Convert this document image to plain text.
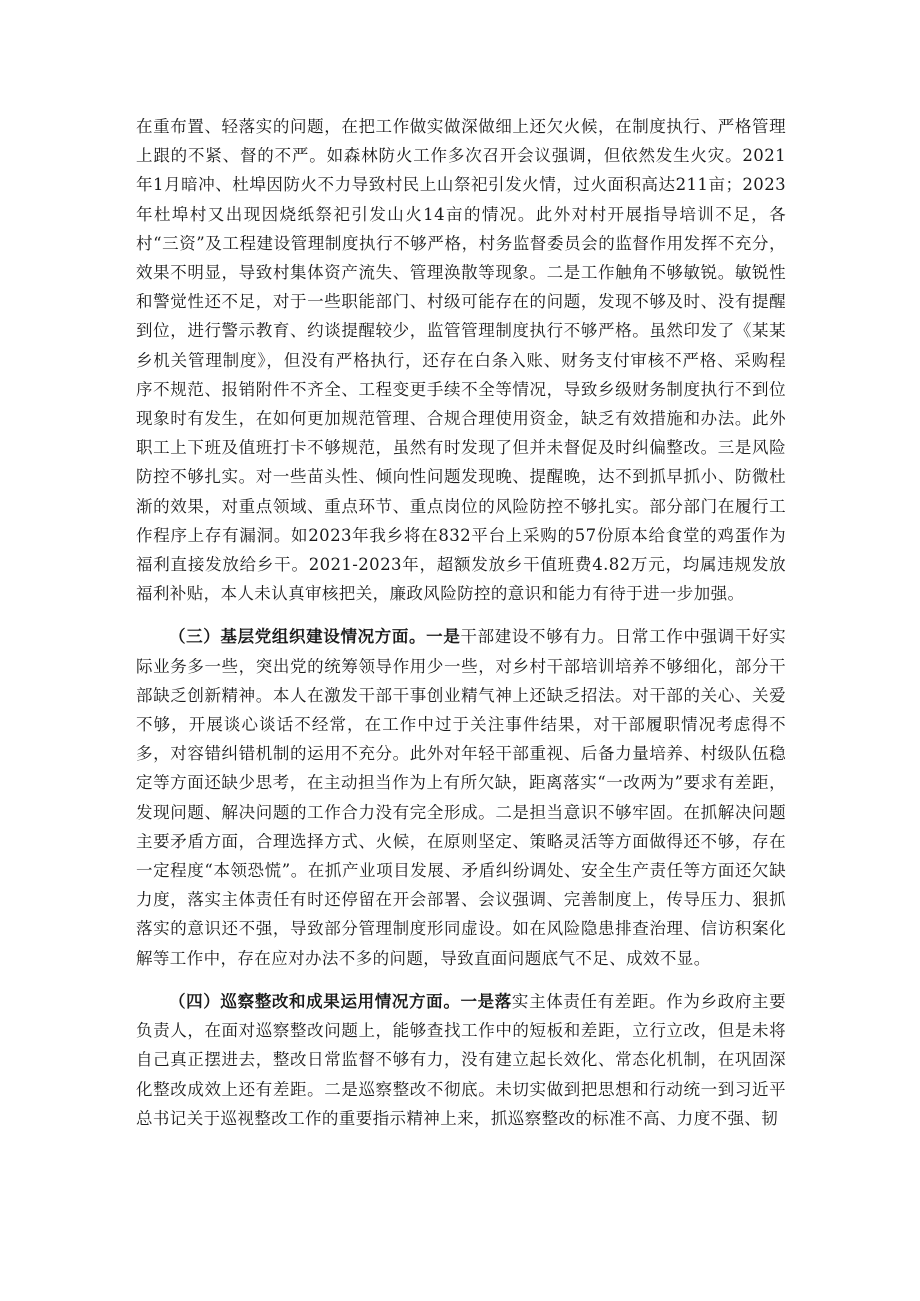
在重布置、轻落实的问题，在把工作做实做深做细上还欠火候，在制度执行、严格管理上跟的不紧、督的不严。如森林防火工作多次召开会议强调，但依然发生火灾。2021年1月暗冲、杜埠因防火不力导致村民上山祭祀引发火情，过火面积高达211亩；2023年杜埠村又出现因烧纸祭祀引发山火14亩的情况。此外对村开展指导培训不足，各村“三资”及工程建设管理制度执行不够严格，村务监督委员会的监督作用发挥不充分，效果不明显，导致村集体资产流失、管理涣散等现象。二是工作触角不够敏锐。敏锐性和警觉性还不足，对于一些职能部门、村级可能存在的问题，发现不够及时、没有提醒到位，进行警示教育、约谈提醒较少，监管管理制度执行不够严格。虽然印发了《某某乡机关管理制度》，但没有严格执行，还存在白条入账、财务支付审核不严格、采购程序不规范、报销附件不齐全、工程变更手续不全等情况，导致乡级财务制度执行不到位现象时有发生，在如何更加规范管理、合规合理使用资金，缺乏有效措施和办法。此外职工上下班及值班打卡不够规范，虽然有时发现了但并未督促及时纠偏整改。三是风险防控不够扎实。对一些苗头性、倾向性问题发现晚、提醒晚，达不到抓早抓小、防微杜渐的效果，对重点领域、重点环节、重点岗位的风险防控不够扎实。部分部门在履行工作程序上存有漏洞。如2023年我乡将在832平台上采购的57份原本给食堂的鸡蛋作为福利直接发放给乡干。2021-2023年，超额发放乡干值班费4.82万元，均属违规发放福利补贴，本人未认真审核把关，廉政风险防控的意识和能力有待于进一步加强。

（三）基层党组织建设情况方面。一是干部建设不够有力。日常工作中强调干好实际业务多一些，突出党的统筹领导作用少一些，对乡村干部培训培养不够细化，部分干部缺乏创新精神。本人在激发干部干事创业精气神上还缺乏招法。对干部的关心、关爱不够，开展谈心谈话不经常，在工作中过于关注事件结果，对干部履职情况考虑得不多，对容错纠错机制的运用不充分。此外对年轻干部重视、后备力量培养、村级队伍稳定等方面还缺少思考，在主动担当作为上有所欠缺，距离落实“一改两为”要求有差距，发现问题、解决问题的工作合力没有完全形成。二是担当意识不够牢固。在抓解决问题主要矛盾方面，合理选择方式、火候，在原则坚定、策略灵活等方面做得还不够，存在一定程度“本领恐慌”。在抓产业项目发展、矛盾纠纷调处、安全生产责任等方面还欠缺力度，落实主体责任有时还停留在开会部署、会议强调、完善制度上，传导压力、狠抓落实的意识还不强，导致部分管理制度形同虚设。如在风险隐患排查治理、信访积案化解等工作中，存在应对办法不多的问题，导致直面问题底气不足、成效不显。

（四）巡察整改和成果运用情况方面。一是落实主体责任有差距。作为乡政府主要负责人，在面对巡察整改问题上，能够查找工作中的短板和差距，立行立改，但是未将自己真正摆进去，整改日常监督不够有力，没有建立起长效化、常态化机制，在巩固深化整改成效上还有差距。二是巡察整改不彻底。未切实做到把思想和行动统一到习近平总书记关于巡视整改工作的重要指示精神上来，抓巡察整改的标准不高、力度不强、韧
